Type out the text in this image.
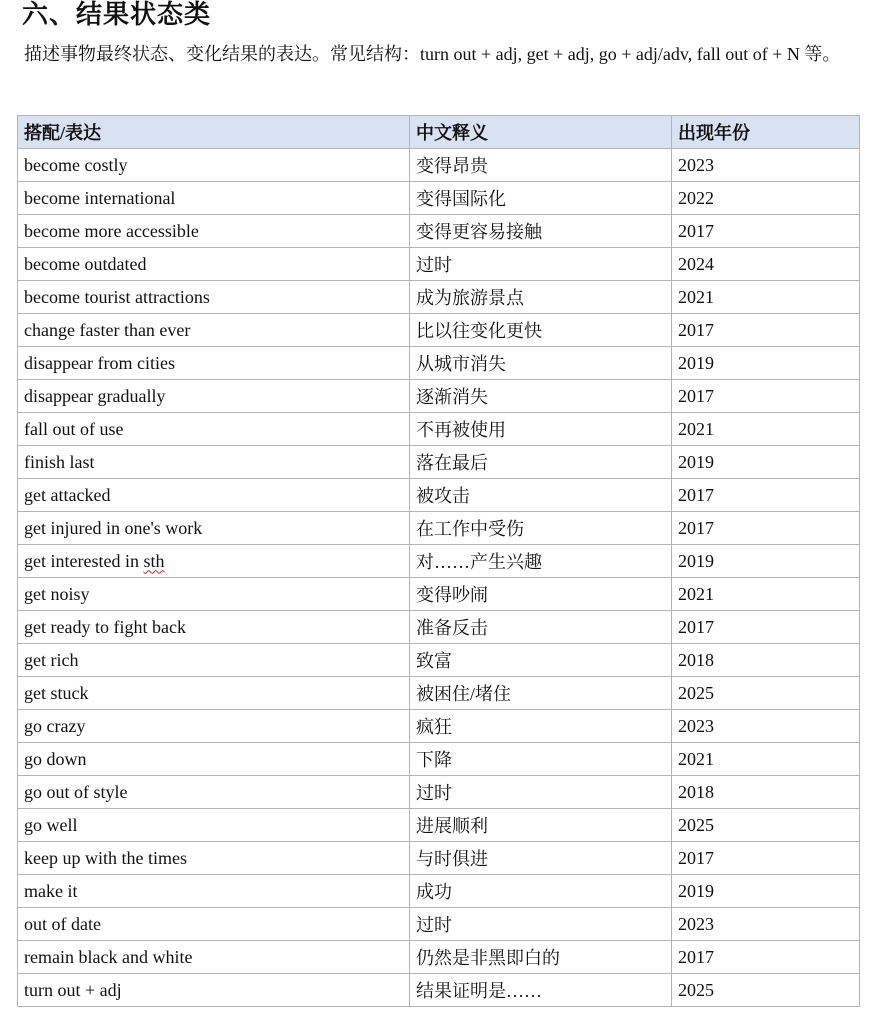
六、结果状态类

描述事物最终状态、变化结果的表达。常见结构：turn out + adj, get + adj, go + adj/adv, fall out of + N 等。

搭配/表达	中文释义	出现年份
become costly	变得昂贵	2023
become international	变得国际化	2022
become more accessible	变得更容易接触	2017
become outdated	过时	2024
become tourist attractions	成为旅游景点	2021
change faster than ever	比以往变化更快	2017
disappear from cities	从城市消失	2019
disappear gradually	逐渐消失	2017
fall out of use	不再被使用	2021
finish last	落在最后	2019
get attacked	被攻击	2017
get injured in one's work	在工作中受伤	2017
get interested in sth	对……产生兴趣	2019
get noisy	变得吵闹	2021
get ready to fight back	准备反击	2017
get rich	致富	2018
get stuck	被困住/堵住	2025
go crazy	疯狂	2023
go down	下降	2021
go out of style	过时	2018
go well	进展顺利	2025
keep up with the times	与时俱进	2017
make it	成功	2019
out of date	过时	2023
remain black and white	仍然是非黑即白的	2017
turn out + adj	结果证明是……	2025
